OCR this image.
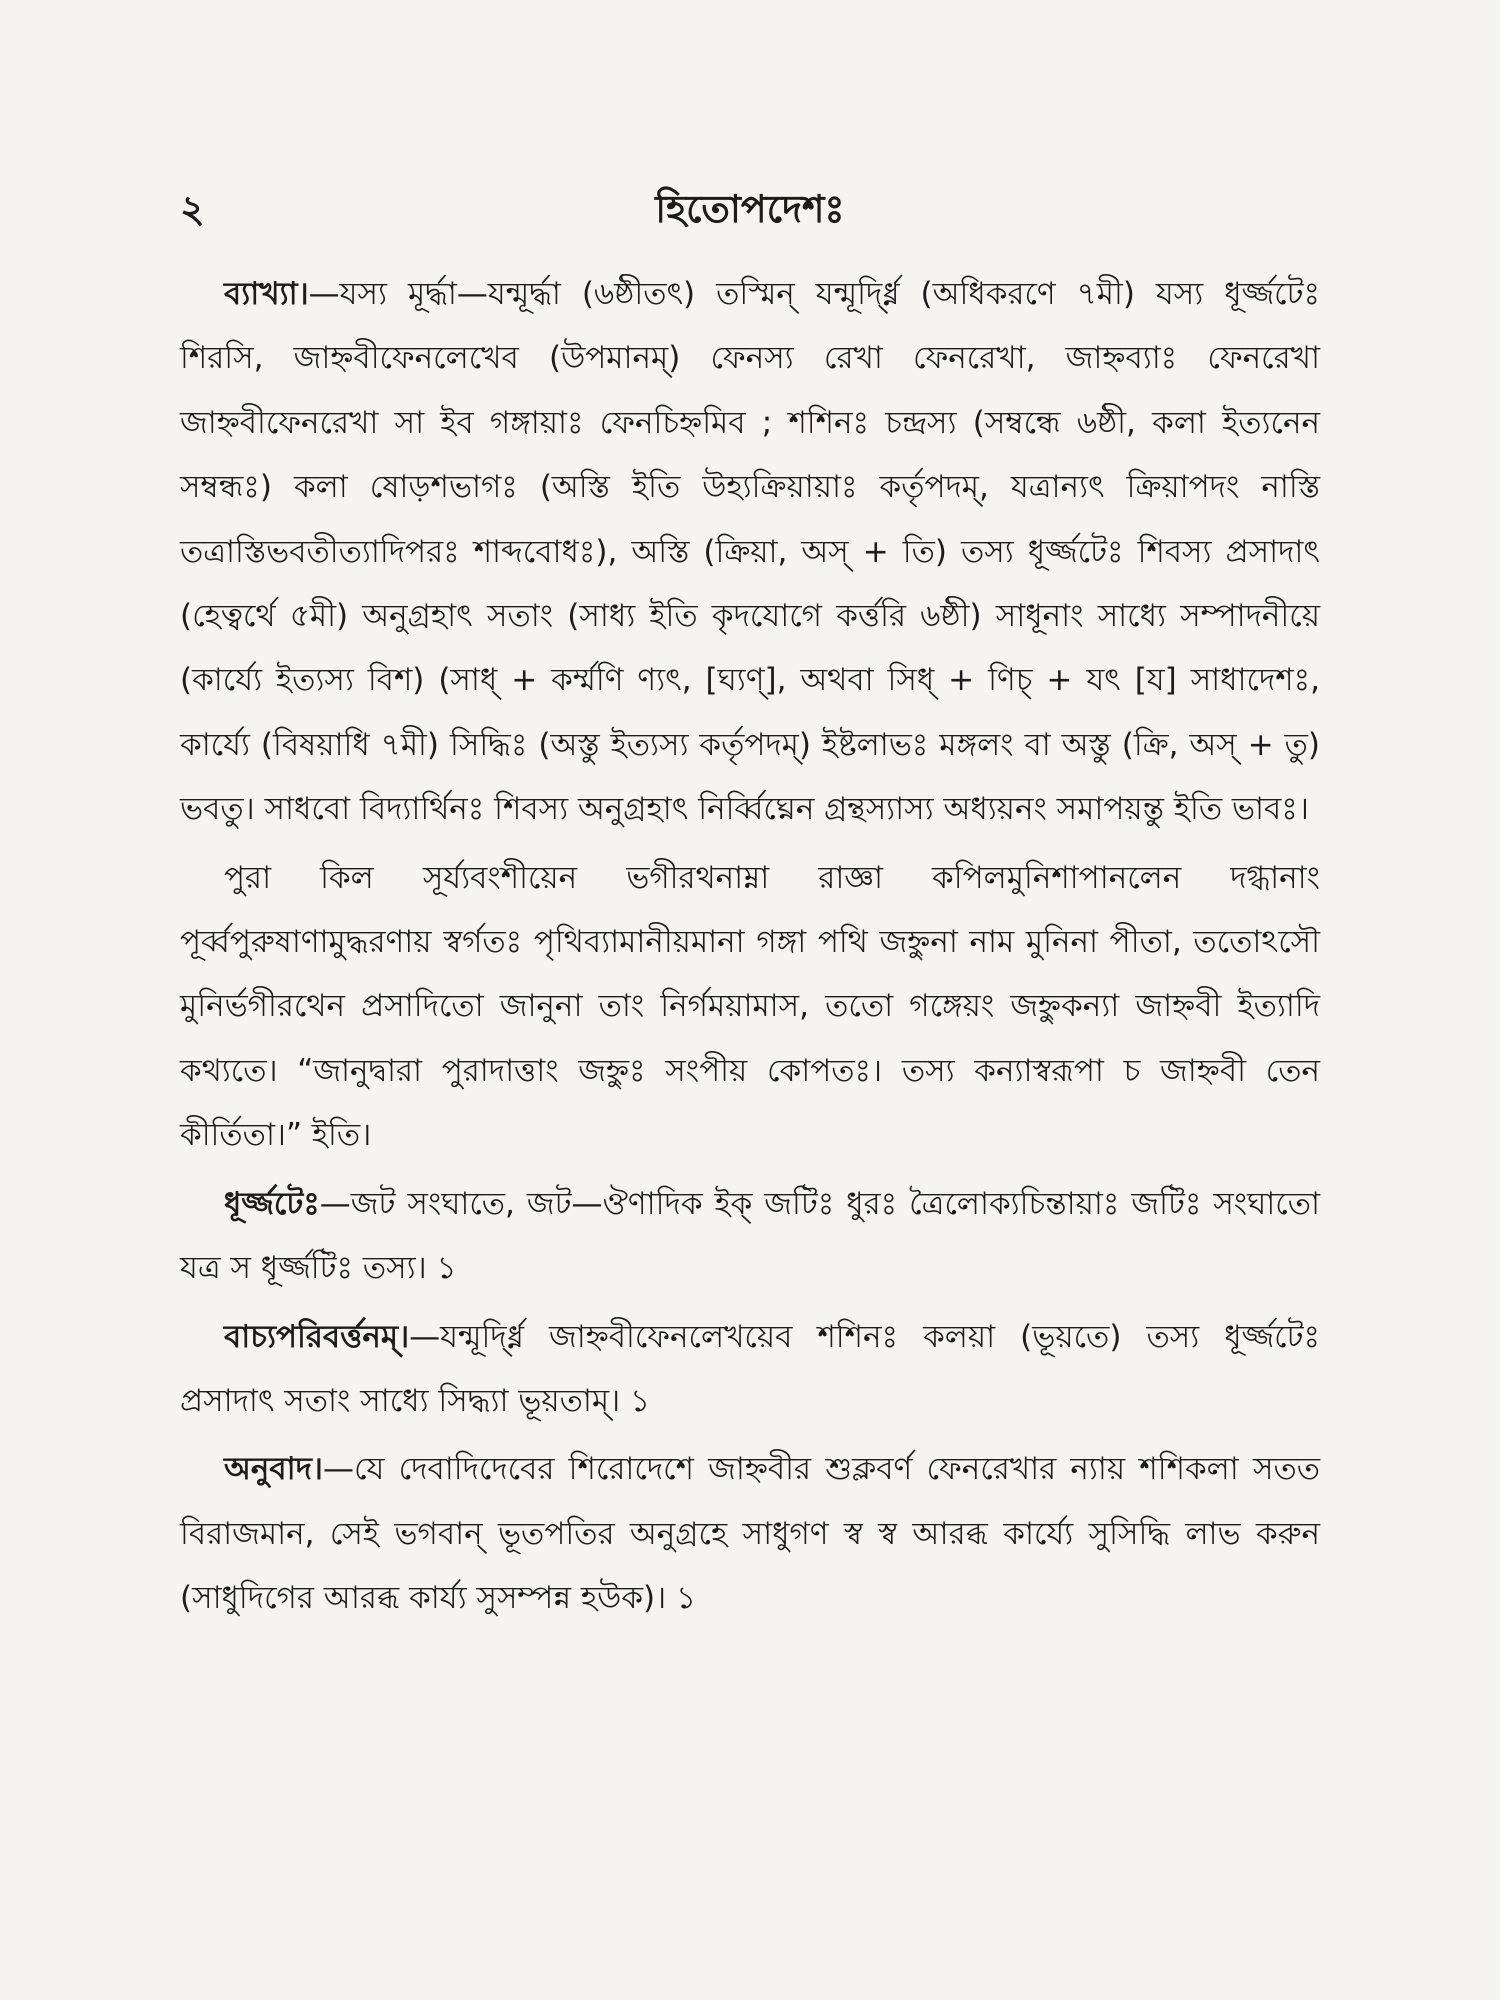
হিতোপদেশঃ
২

ব্যাখ্যা।—যস্য মূর্দ্ধা—যন্মূর্দ্ধা (৬ষ্ঠীতৎ) তস্মিন্ যন্মূর্দ্ধ্নি (অধিকরণে ৭মী) যস্য ধূর্জ্জটেঃ শিরসি, জাহ্নবীফেনলেখেব (উপমানম্) ফেনস্য রেখা ফেনরেখা, জাহ্নব্যাঃ ফেনরেখা জাহ্নবীফেনরেখা সা ইব গঙ্গায়াঃ ফেনচিহ্নমিব ; শশিনঃ চন্দ্রস্য (সম্বন্ধে ৬ষ্ঠী, কলা ইত্যনেন সম্বন্ধঃ) কলা ষোড়শভাগঃ (অস্তি ইতি উহ্যক্রিয়ায়াঃ কর্তৃপদম্, যত্রান্যৎ ক্রিয়াপদং নাস্তি তত্রাস্তিভবতীত্যাদিপরঃ শাব্দবোধঃ), অস্তি (ক্রিয়া, অস্ + তি) তস্য ধূর্জ্জটেঃ শিবস্য প্রসাদাৎ (হেত্বর্থে ৫মী) অনুগ্রহাৎ সতাং (সাধ্য ইতি কৃদযোগে কর্ত্তরি ৬ষ্ঠী) সাধূনাং সাধ্যে সম্পাদনীয়ে (কার্য্যে ইত্যস্য বিশ) (সাধ্ + কর্ম্মণি ণ্যৎ, [ঘ্যণ্], অথবা সিধ্ + ণিচ্ + যৎ [য] সাধাদেশঃ, কার্য্যে (বিষয়াধি ৭মী) সিদ্ধিঃ (অস্তু ইত্যস্য কর্তৃপদম্) ইষ্টলাভঃ মঙ্গলং বা অস্তু (ক্রি, অস্ + তু) ভবতু। সাধবো বিদ্যার্থিনঃ শিবস্য অনুগ্রহাৎ নির্ব্বিঘ্নেন গ্রন্থস্যাস্য অধ্যয়নং সমাপয়ন্তু ইতি ভাবঃ।

পুরা কিল সূর্য্যবংশীয়েন ভগীরথনাম্না রাজ্ঞা কপিলমুনিশাপানলেন দগ্ধানাং পূর্ব্বপুরুষাণামুদ্ধরণায় স্বর্গতঃ পৃথিব্যামানীয়মানা গঙ্গা পথি জহ্নুনা নাম মুনিনা পীতা, ততোঽসৌ মুনির্ভগীরথেন প্রসাদিতো জানুনা তাং নির্গময়ামাস, ততো গঙ্গেয়ং জহ্নুকন্যা জাহ্নবী ইত্যাদি কথ্যতে। “জানুদ্বারা পুরাদাত্তাং জহ্নুঃ সংপীয় কোপতঃ। তস্য কন্যাস্বরূপা চ জাহ্নবী তেন কীর্তিতা।” ইতি।

ধূর্জ্জটেঃ—জট সংঘাতে, জট—ঔণাদিক ইক্ জটিঃ ধুরঃ ত্রৈলোক্যচিন্তায়াঃ জটিঃ সংঘাতো যত্র স ধূর্জ্জটিঃ তস্য। ১

বাচ্যপরিবর্ত্তনম্।—যন্মূর্দ্ধ্নি জাহ্নবীফেনলেখয়েব শশিনঃ কলয়া (ভূয়তে) তস্য ধূর্জ্জটেঃ প্রসাদাৎ সতাং সাধ্যে সিদ্ধ্যা ভূয়তাম্। ১

অনুবাদ।—যে দেবাদিদেবের শিরোদেশে জাহ্নবীর শুক্লবর্ণ ফেনরেখার ন্যায় শশিকলা সতত বিরাজমান, সেই ভগবান্ ভূতপতির অনুগ্রহে সাধুগণ স্ব স্ব আরব্ধ কার্য্যে সুসিদ্ধি লাভ করুন (সাধুদিগের আরব্ধ কার্য্য সুসম্পন্ন হউক)। ১
